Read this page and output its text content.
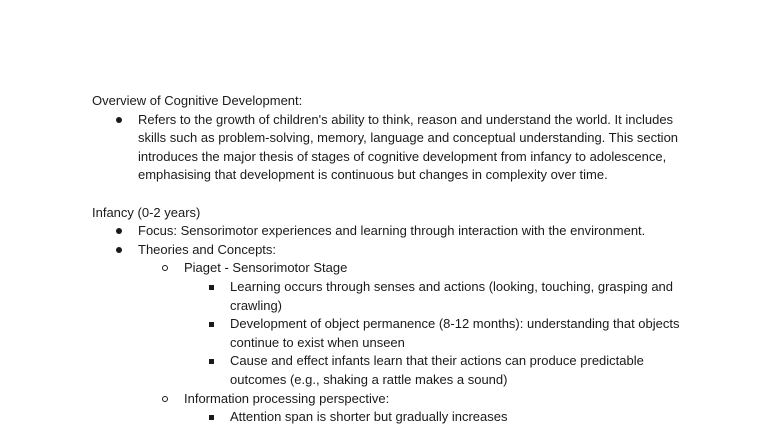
Overview of Cognitive Development:

Refers to the growth of children's ability to think, reason and understand the world. It includes skills such as problem-solving, memory, language and conceptual understanding. This section introduces the major thesis of stages of cognitive development from infancy to adolescence, emphasising that development is continuous but changes in complexity over time.

Infancy (0-2 years)

Focus: Sensorimotor experiences and learning through interaction with the environment.
Theories and Concepts:
Piaget - Sensorimotor Stage
Learning occurs through senses and actions (looking, touching, grasping and crawling)
Development of object permanence (8-12 months): understanding that objects continue to exist when unseen
Cause and effect infants learn that their actions can produce predictable outcomes (e.g., shaking a rattle makes a sound)
Information processing perspective:
Attention span is shorter but gradually increases
